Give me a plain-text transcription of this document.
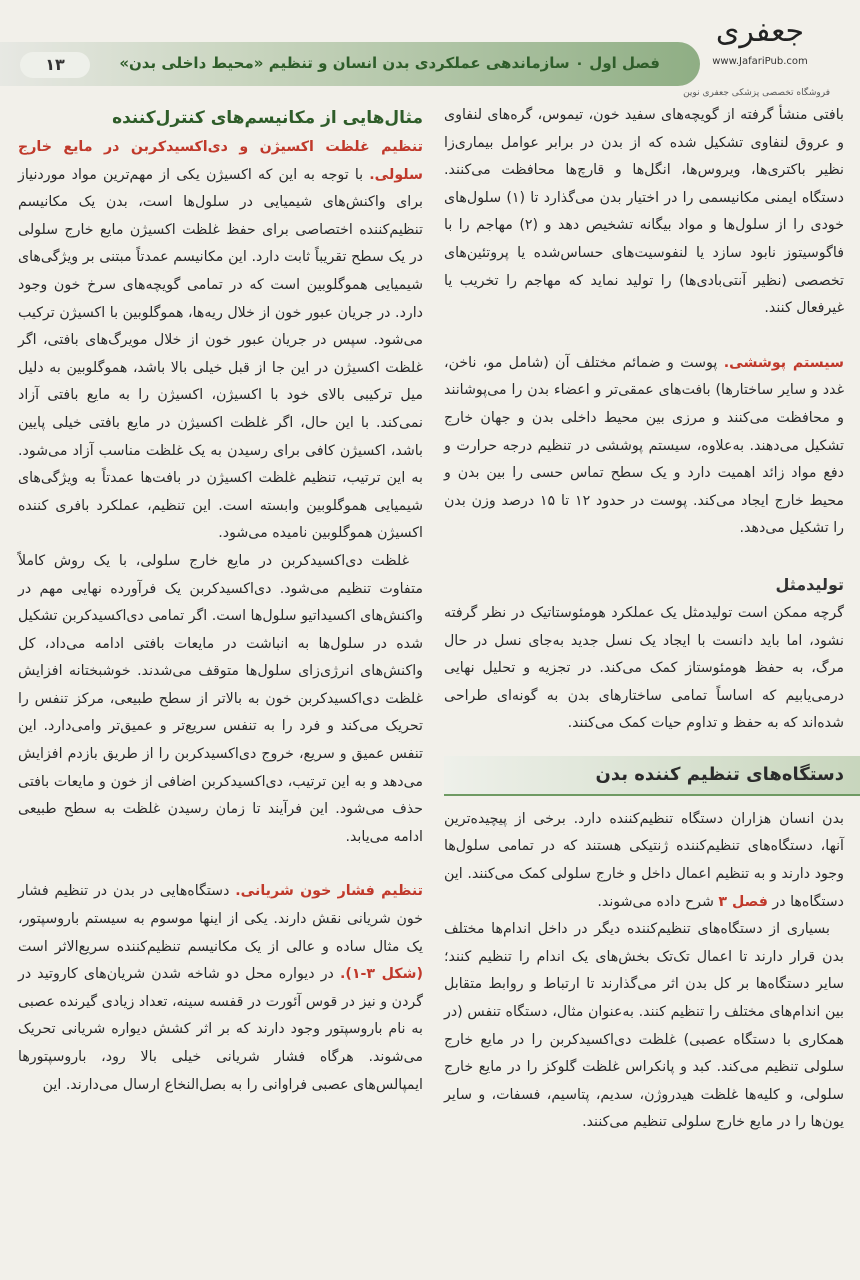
۱۳	فصل اول ۰ سازماندهی عملکردی بدن انسان و تنظیم «محیط داخلی بدن»
جعفری
www.JafariPub.com
فروشگاه تخصصی پزشکی جعفری نوین

بافتی منشأ گرفته از گویچه‌های سفید خون، تیموس، گره‌های لنفاوی و عروق لنفاوی تشکیل شده که از بدن در برابر عوامل بیماری‌زا نظیر باکتری‌ها، ویروس‌ها، انگل‌ها و قارچ‌ها محافظت می‌کنند. دستگاه ایمنی مکانیسمی را در اختیار بدن می‌گذارد تا (۱) سلول‌های خودی را از سلول‌ها و مواد بیگانه تشخیص دهد و (۲) مهاجم را با فاگوسیتوز نابود سازد یا لنفوسیت‌های حساس‌شده یا پروتئین‌های تخصصی (نظیر آنتی‌بادی‌ها) را تولید نماید که مهاجم را تخریب یا غیرفعال کنند.

سیستم پوششی. پوست و ضمائم مختلف آن (شامل مو، ناخن، غدد و سایر ساختارها) بافت‌های عمقی‌تر و اعضاء بدن را می‌پوشانند و محافظت می‌کنند و مرزی بین محیط داخلی بدن و جهان خارج تشکیل می‌دهند. به‌علاوه، سیستم پوششی در تنظیم درجه حرارت و دفع مواد زائد اهمیت دارد و یک سطح تماس حسی را بین بدن و محیط خارج ایجاد می‌کند. پوست در حدود ۱۲ تا ۱۵ درصد وزن بدن را تشکیل می‌دهد.

تولیدمثل

گرچه ممکن است تولیدمثل یک عملکرد هومئوستاتیک در نظر گرفته نشود، اما باید دانست با ایجاد یک نسل جدید به‌جای نسل در حال مرگ، به حفظ هومئوستاز کمک می‌کند. در تجزیه و تحلیل نهایی درمی‌یابیم که اساساً تمامی ساختارهای بدن به گونه‌ای طراحی شده‌اند که به حفظ و تداوم حیات کمک می‌کنند.

دستگاه‌های تنظیم کننده بدن

بدن انسان هزاران دستگاه تنظیم‌کننده دارد. برخی از پیچیده‌ترین آنها، دستگاه‌های تنظیم‌کننده ژنتیکی هستند که در تمامی سلول‌ها وجود دارند و به تنظیم اعمال داخل و خارج سلولی کمک می‌کنند. این دستگاه‌ها در فصل ۳ شرح داده می‌شوند.

بسیاری از دستگاه‌های تنظیم‌کننده دیگر در داخل اندام‌ها مختلف بدن قرار دارند تا اعمال تک‌تک بخش‌های یک اندام را تنظیم کنند؛ سایر دستگاه‌ها بر کل بدن اثر می‌گذارند تا ارتباط و روابط متقابل بین اندام‌های مختلف را تنظیم کنند. به‌عنوان مثال، دستگاه تنفس (در همکاری با دستگاه عصبی) غلظت دی‌اکسیدکربن را در مایع خارج سلولی تنظیم می‌کند. کبد و پانکراس غلظت گلوکز را در مایع خارج سلولی، و کلیه‌ها غلظت هیدروژن، سدیم، پتاسیم، فسفات، و سایر یون‌ها را در مایع خارج سلولی تنظیم می‌کنند.

مثال‌هایی از مکانیسم‌های کنترل‌کننده

تنظیم غلظت اکسیژن و دی‌اکسیدکربن در مایع خارج سلولی. با توجه به این که اکسیژن یکی از مهم‌ترین مواد موردنیاز برای واکنش‌های شیمیایی در سلول‌ها است، بدن یک مکانیسم تنظیم‌کننده اختصاصی برای حفظ غلظت اکسیژن مایع خارج سلولی در یک سطح تقریباً ثابت دارد. این مکانیسم عمدتاً مبتنی بر ویژگی‌های شیمیایی هموگلوبین است که در تمامی گویچه‌های سرخ خون وجود دارد. در جریان عبور خون از خلال ریه‌ها، هموگلوبین با اکسیژن ترکیب می‌شود. سپس در جریان عبور خون از خلال مویرگ‌های بافتی، اگر غلظت اکسیژن در این جا از قبل خیلی بالا باشد، هموگلوبین به دلیل میل ترکیبی بالای خود با اکسیژن، اکسیژن را به مایع بافتی آزاد نمی‌کند. با این حال، اگر غلظت اکسیژن در مایع بافتی خیلی پایین باشد، اکسیژن کافی برای رسیدن به یک غلظت مناسب آزاد می‌شود. به این ترتیب، تنظیم غلظت اکسیژن در بافت‌ها عمدتاً به ویژگی‌های شیمیایی هموگلوبین وابسته است. این تنظیم، عملکرد بافری کننده اکسیژن هموگلوبین نامیده می‌شود.

غلظت دی‌اکسیدکربن در مایع خارج سلولی، با یک روش کاملاً متفاوت تنظیم می‌شود. دی‌اکسیدکربن یک فرآورده نهایی مهم در واکنش‌های اکسیداتیو سلول‌ها است. اگر تمامی دی‌اکسیدکربن تشکیل شده در سلول‌ها به انباشت در مایعات بافتی ادامه می‌داد، کل واکنش‌های انرژی‌زای سلول‌ها متوقف می‌شدند. خوشبختانه افزایش غلظت دی‌اکسیدکربن خون به بالاتر از سطح طبیعی، مرکز تنفس را تحریک می‌کند و فرد را به تنفس سریع‌تر و عمیق‌تر وامی‌دارد. این تنفس عمیق و سریع، خروج دی‌اکسیدکربن را از طریق بازدم افزایش می‌دهد و به این ترتیب، دی‌اکسیدکربن اضافی از خون و مایعات بافتی حذف می‌شود. این فرآیند تا زمان رسیدن غلظت به سطح طبیعی ادامه می‌یابد.

تنظیم فشار خون شریانی. دستگاه‌هایی در بدن در تنظیم فشار خون شریانی نقش دارند. یکی از اینها موسوم به سیستم باروسپتور، یک مثال ساده و عالی از یک مکانیسم تنظیم‌کننده سریع‌الاثر است (شکل ۳-۱). در دیواره محل دو شاخه شدن شریان‌های کاروتید در گردن و نیز در قوس آئورت در قفسه سینه، تعداد زیادی گیرنده عصبی به نام باروسپتور وجود دارند که بر اثر کشش دیواره شریانی تحریک می‌شوند. هرگاه فشار شریانی خیلی بالا رود، باروسپتورها ایمپالس‌های عصبی فراوانی را به بصل‌النخاع ارسال می‌دارند. این
